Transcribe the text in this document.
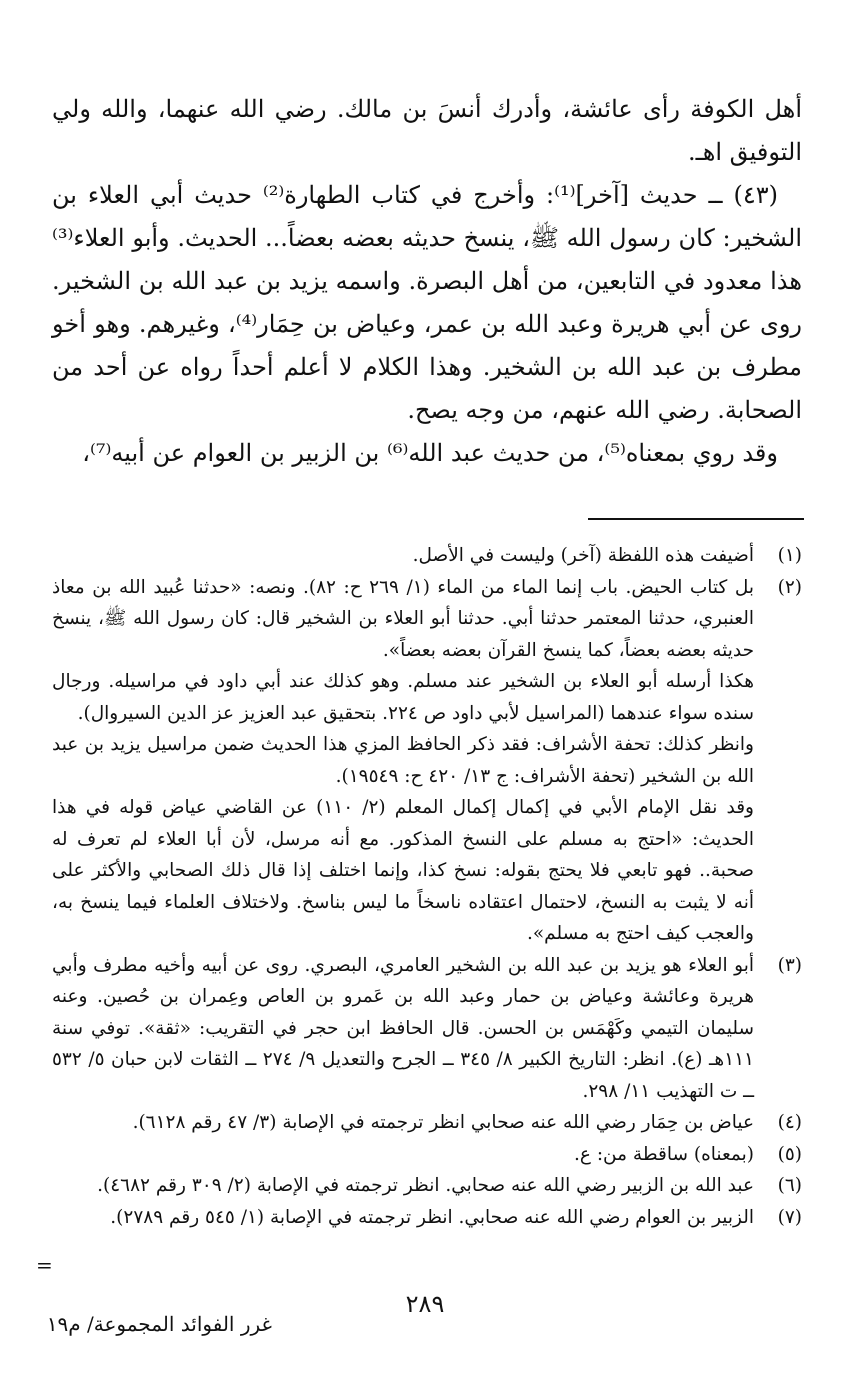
أهل الكوفة رأى عائشة، وأدرك أنسَ بن مالك. رضي الله عنهما، والله ولي التوفيق اهـ.

(٤٣) ــ حديث [آخر]⁽¹⁾: وأخرج في كتاب الطهارة⁽²⁾ حديث أبي العلاء بن الشخير: كان رسول الله ﷺ، ينسخ حديثه بعضه بعضاً... الحديث. وأبو العلاء⁽³⁾ هذا معدود في التابعين، من أهل البصرة. واسمه يزيد بن عبد الله بن الشخير. روى عن أبي هريرة وعبد الله بن عمر، وعياض بن حِمَار⁽⁴⁾، وغيرهم. وهو أخو مطرف بن عبد الله بن الشخير. وهذا الكلام لا أعلم أحداً رواه عن أحد من الصحابة. رضي الله عنهم، من وجه يصح.

وقد روي بمعناه⁽⁵⁾، من حديث عبد الله⁽⁶⁾ بن الزبير بن العوام عن أبيه⁽⁷⁾،

(١)

أضيفت هذه اللفظة (آخر) وليست في الأصل.

(٢)

بل كتاب الحيض. باب إنما الماء من الماء (١/ ٢٦٩ ح: ٨٢). ونصه: «حدثنا عُبيد الله بن معاذ العنبري، حدثنا المعتمر حدثنا أبي. حدثنا أبو العلاء بن الشخير قال: كان رسول الله ﷺ، ينسخ حديثه بعضه بعضاً، كما ينسخ القرآن بعضه بعضاً».

هكذا أرسله أبو العلاء بن الشخير عند مسلم. وهو كذلك عند أبي داود في مراسيله. ورجال سنده سواء عندهما (المراسيل لأبي داود ص ٢٢٤. بتحقيق عبد العزيز عز الدين السيروال).

وانظر كذلك: تحفة الأشراف: فقد ذكر الحافظ المزي هذا الحديث ضمن مراسيل يزيد بن عبد الله بن الشخير (تحفة الأشراف: ج ١٣/ ٤٢٠ ح: ١٩٥٤٩).

وقد نقل الإمام الأبي في إكمال إكمال المعلم (٢/ ١١٠) عن القاضي عياض قوله في هذا الحديث: «احتج به مسلم على النسخ المذكور. مع أنه مرسل، لأن أبا العلاء لم تعرف له صحبة.. فهو تابعي فلا يحتج بقوله: نسخ كذا، وإنما اختلف إذا قال ذلك الصحابي والأكثر على أنه لا يثبت به النسخ، لاحتمال اعتقاده ناسخاً ما ليس بناسخ. ولاختلاف العلماء فيما ينسخ به، والعجب كيف احتج به مسلم».

(٣)

أبو العلاء هو يزيد بن عبد الله بن الشخير العامري، البصري. روى عن أبيه وأخيه مطرف وأبي هريرة وعائشة وعياض بن حمار وعبد الله بن عَمرو بن العاص وعِمران بن حُصين. وعنه سليمان التيمي وكَهْمَس بن الحسن. قال الحافظ ابن حجر في التقريب: «ثقة». توفي سنة ١١١هـ (ع). انظر: التاريخ الكبير ٨/ ٣٤٥ ــ الجرح والتعديل ٩/ ٢٧٤ ــ الثقات لابن حبان ٥/ ٥٣٢ ــ ت التهذيب ١١/ ٢٩٨.

(٤)

عياض بن حِمَار رضي الله عنه صحابي انظر ترجمته في الإصابة (٣/ ٤٧ رقم ٦١٢٨).

(٥)

(بمعناه) ساقطة من: ع.

(٦)

عبد الله بن الزبير رضي الله عنه صحابي. انظر ترجمته في الإصابة (٢/ ٣٠٩ رقم ٤٦٨٢).

(٧)

الزبير بن العوام رضي الله عنه صحابي. انظر ترجمته في الإصابة (١/ ٥٤٥ رقم ٢٧٨٩).

=
٢٨٩
غرر الفوائد المجموعة/ م١٩
